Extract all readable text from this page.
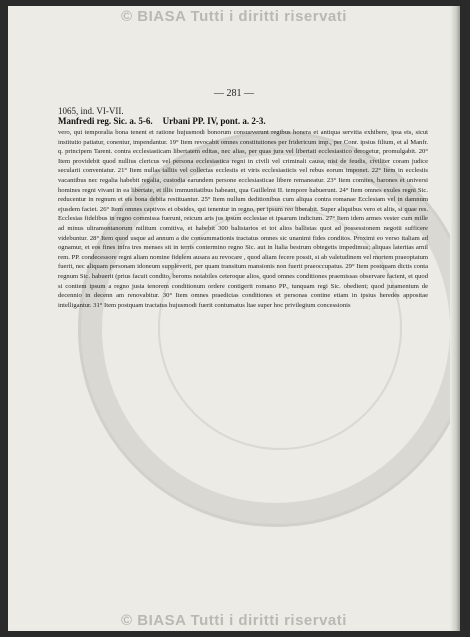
© BIASA Tutti i diritti riservati
— 281 —
1065, ind. VI-VII.
Manfredi reg. Sic. a. 5-6. Urbani PP. IV, pont. a. 2-3.

vero, qui temporalia bona tenent et ratione hujusmodi bonorum consueverunt regibus honera et antiqua servitia exhibere, ipsa eis, sicut institutio patiatur, conentur, impendantur. 19° Item revocabit omnes constitutiones per fridericum imp., per Conr. ipsius filium, et al Manfr. q. principem Tarent. contra ecclesiasticam libertatem editas, nec alias, per quas jura vel libertati ecclesiastico derogetur, promulgabit. 20° Item providebit quod nullius clericus vel persona ecclesiastica regni in civili vel criminali causa, nisi de feudis, civiliter coram judice secularii conveniatur. 21° Item nullas talliis vel collectas ecclesiis et viris ecclesiasticis vel rebus eorum imponet. 22° Item in ecclesiis vacantibus nec regalia habebit regalia, custodia earundem persone ecclesiasticae libere remaneatur. 23° Item comites, barones et universi homines regni vivant in ea libertate, et illis immunitatibus habeant, qua Guillelmi II. tempore habuerunt. 24° Item omnes exules regni Sic. reducentur in regnum et eis bona debita restituantur. 25° Item nullum deditionibus cum aliqua contra romanae Ecclesiam vel in damnum ejusdem faciet. 26° Item omnes captivos et obsides, qui tenentur in regno, per ipsum reo liberabit. Super aliquibus vero et aliis, si quae res. Ecclesias fidelibus in regno commissa fuerunt, reicum aris jus ipsum ecclesiae et ipsarum indicium. 27° Item idem armes vester cum mille ad minus ultramontanorum militum comitiva, et habebit 300 balistarios et tot alios ballistas quot ad possessionem negotii sufficere videbuntur. 28° Item quod usque ad annum a die consummationis tractatus omnes sic unanimi fides conditos. Proximi eo verso italiam ad ognamur, et eos fines infra tres menses sit in terris contermino regno Sic. aut in ltalia bestrum obtegetis impedimus; aliquas lateritas arnil rem. PP. condecessore regni aliam nomine fidelem ausara au revocare , quod aliam fecere possit, si ab valetudinem vel mortem praeoptatum fuerit, nec aliquam personam idoneum suppleverit, per quam transitum mansionis non fuerit praeoccupatus. 29° Item postquam dictis conta regnum Sic. habuerit (prius facuit condito, beroms notabiles ceteroque alios, quod omnes conditiones praemissas observare facient, et quod si contiem ipsum a regno justa tenorem conditionum ordere contigerit romano PP., tunquam regi Sic. obedient; quod juramentum de decennio in decenn am renovabitur. 30° Item omnes praedictas conditiones et personas contine etiam in ipsius heredes appositae intelligantur. 31° Item postquam tractatus hujusmodi fuerit contumatus ltae super hoc privilegium concessionis

© BIASA Tutti i diritti riservati
